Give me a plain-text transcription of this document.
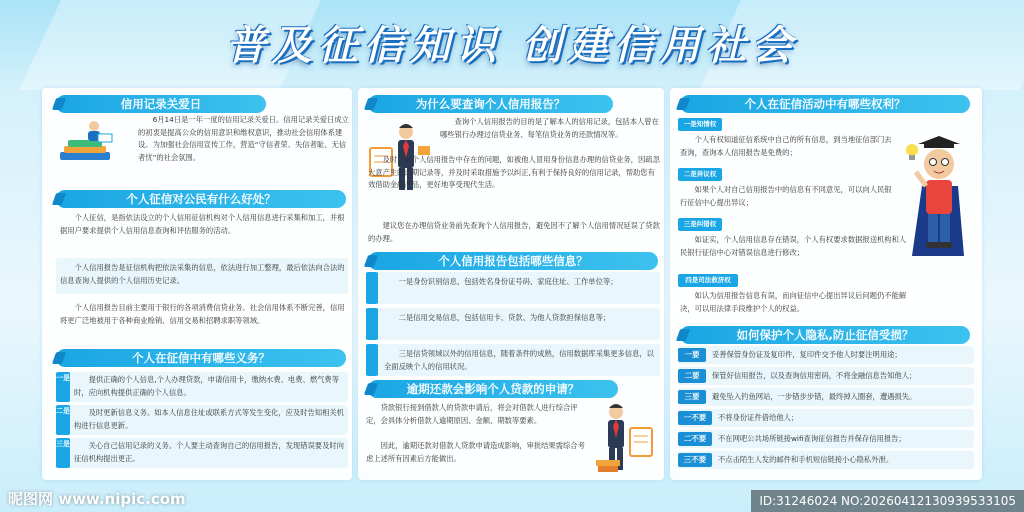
普及征信知识 创建信用社会
信用记录关爱日
6月14日是一年一度的信用记录关爱日。信用记录关爱日成立的初衷是提高公众的信用意识和维权意识，推动社会信用体系建设。为加强社会信用宣传工作，营造“守信者荣、失信者耻、无信者忧”的社会氛围。
个人征信对公民有什么好处？
个人征信，是指依法设立的个人信用征信机构对个人信用信息进行采集和加工，并根据用户要求提供个人信用信息查询和评估服务的活动。
个人信用报告是征信机构把依法采集的信息，依法进行加工整理，最后依法向合法的信息查询人提供的个人信用历史记录。
个人信用报告目前主要用于银行的各项消费信贷业务。社会信用体系不断完善，信用将更广泛地被用于各种商业赊销、信用交易和招聘求职等领域。
个人在征信中有哪些义务？
一是	提供正确的个人信息,个人办理贷款，申请信用卡，缴纳水费、电费、燃气费等时，应向机构提供正确的个人信息。
二是	及时更新信息义务。如本人信息住址或联系方式等发生变化，应及时告知相关机构进行信息更新。
三是	关心自己信用记录的义务。个人要主动查询自己的信用报告，发现错误要及时向征信机构提出更正。
为什么要查询个人信用报告？
查询个人信用报告的目的是了解本人的信用记录，包括本人曾在哪些银行办理过信贷业务、每笔信贷业务的还款情况等。
及时了解个人信用报告中存在的问题，如被他人冒用身份信息办理的信贷业务，因疏忽大意产生的逾期记录等，并及时采取措施予以纠正,有利于保持良好的信用记录，帮助您有效借助金融产品，更好地享受现代生活。
建议您在办理信贷业务前先查询个人信用报告，避免因不了解个人信用情况延误了贷款的办理。
个人信用报告包括哪些信息？
一是身份识别信息，包括姓名身份证号码、家庭住址、工作单位等；
二是信用交易信息，包括信用卡、贷款、为他人贷款担保信息等；
三是信贷领域以外的信用信息，随着条件的成熟，信用数据库采集更多信息，以全面反映个人的信用状况。
逾期还款会影响个人贷款的申请？
贷款银行接到借款人的贷款申请后，将会对借款人进行综合评定，会具体分析借款人逾期原因、金额、期数等要素。
因此，逾期还款对借款人贷款申请造成影响，审批结果需综合考虑上述所有因素后方能做出。
个人在征信活动中有哪些权利？
一是知情权
个人有权知道征信系统中自己的所有信息，到当地征信部门去查询，查询本人信用报告是免费的；
二是异议权
如果个人对自己信用报告中的信息有不同意见，可以向人民银行征信中心提出异议；
三是纠错权
如证实，个人信用信息存在错误，个人有权要求数据报送机构和人民银行征信中心对错误信息进行修改；
四是司法救济权
如认为信用报告信息有误，而向征信中心提出异议后问题仍不能解决，可以用法律手段维护个人的权益。
如何保护个人隐私,防止征信受损？
一要	妥善保管身份证及复印件，复印件交予他人时要注明用途；
二要	保管好信用报告，以及查询信用密码，不将金融信息告知他人；
三要	避免坠入钓鱼网站，一步错步步错，最终掉入圈套，遭遇损失。
一不要	不将身份证件借给他人；
二不要	不在网吧公共场所链接wifi查询征信报告并保存信用报告；
三不要	不点击陌生人发的邮件和手机短信链接小心隐私外泄。
昵图网 www.nipic.com	ID:31246024 NO:20260412130939533105
